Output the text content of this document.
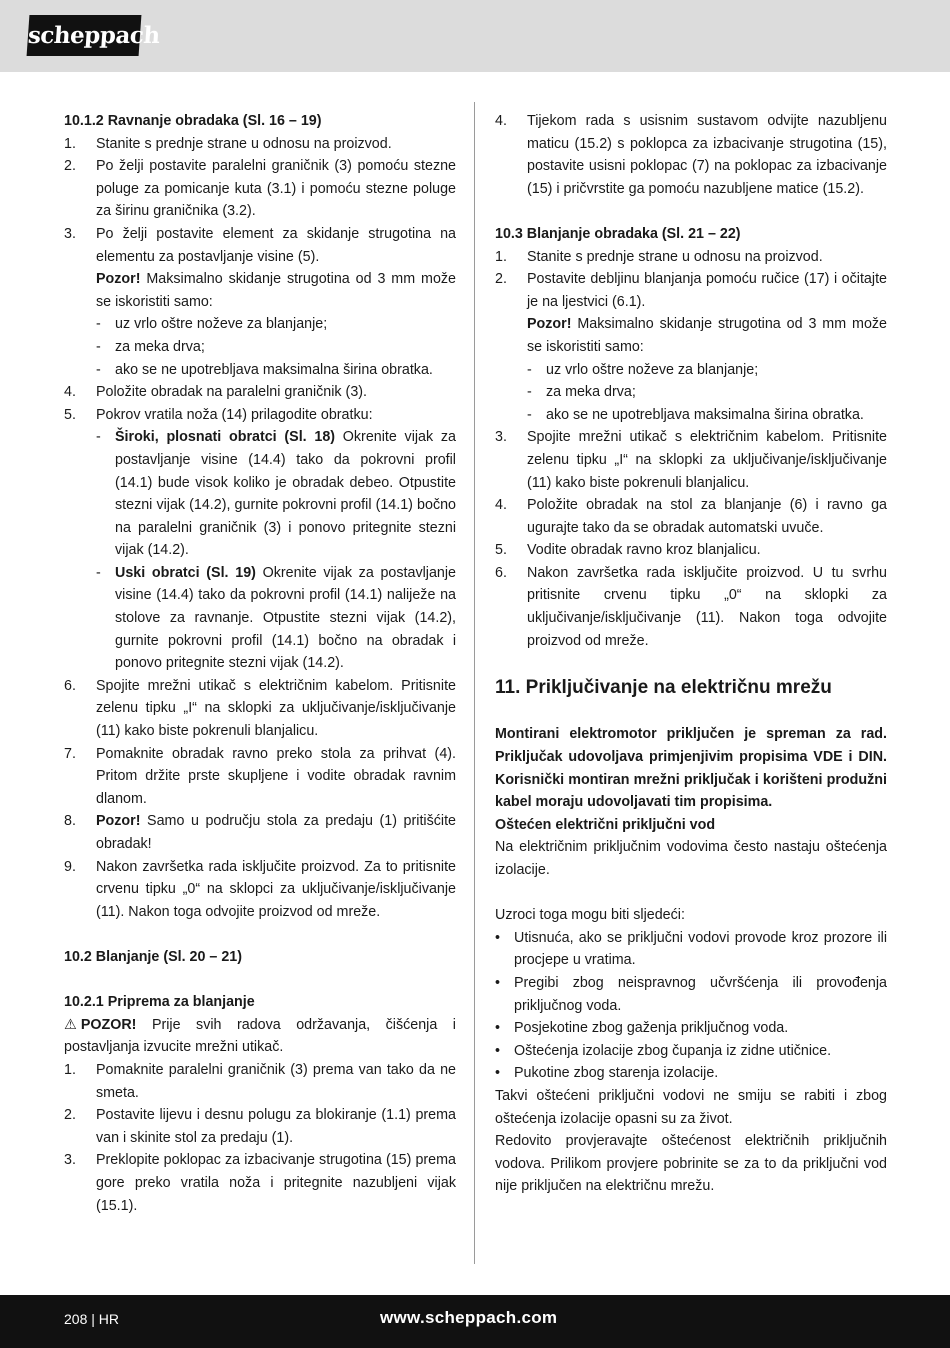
scheppach

10.1.2 Ravnanje obradaka (Sl. 16 – 19)

1. Stanite s prednje strane u odnosu na proizvod.

2. Po želji postavite paralelni graničnik (3) pomoću stezne poluge za pomicanje kuta (3.1) i pomoću stezne poluge za širinu graničnika (3.2).

3. Po želji postavite element za skidanje strugotina na elementu za postavljanje visine (5).

Pozor! Maksimalno skidanje strugotina od 3 mm može se iskoristiti samo:

- uz vrlo oštre noževe za blanjanje;

- za meka drva;

- ako se ne upotrebljava maksimalna širina obratka.

4. Položite obradak na paralelni graničnik (3).

5. Pokrov vratila noža (14) prilagodite obratku:

- Široki, plosnati obratci (Sl. 18) Okrenite vijak za postavljanje visine (14.4) tako da pokrovni profil (14.1) bude visok koliko je obradak debeo. Otpustite stezni vijak (14.2), gurnite pokrovni profil (14.1) bočno na paralelni graničnik (3) i ponovo pritegnite stezni vijak (14.2).

- Uski obratci (Sl. 19) Okrenite vijak za postavljanje visine (14.4) tako da pokrovni profil (14.1) naliježe na stolove za ravnanje. Otpustite stezni vijak (14.2), gurnite pokrovni profil (14.1) bočno na obradak i ponovo pritegnite stezni vijak (14.2).

6. Spojite mrežni utikač s električnim kabelom. Pritisnite zelenu tipku „I“ na sklopki za uključivanje/isključivanje (11) kako biste pokrenuli blanjalicu.

7. Pomaknite obradak ravno preko stola za prihvat (4). Pritom držite prste skupljene i vodite obradak ravnim dlanom.

8. Pozor! Samo u području stola za predaju (1) pritišćite obradak!

9. Nakon završetka rada isključite proizvod. Za to pritisnite crvenu tipku „0“ na sklopci za uključivanje/isključivanje (11). Nakon toga odvojite proizvod od mreže.

10.2 Blanjanje (Sl. 20 – 21)

10.2.1 Priprema za blanjanje

⚠ POZOR! Prije svih radova održavanja, čišćenja i postavljanja izvucite mrežni utikač.

1. Pomaknite paralelni graničnik (3) prema van tako da ne smeta.

2. Postavite lijevu i desnu polugu za blokiranje (1.1) prema van i skinite stol za predaju (1).

3. Preklopite poklopac za izbacivanje strugotina (15) prema gore preko vratila noža i pritegnite nazubljeni vijak (15.1).

4. Tijekom rada s usisnim sustavom odvijte nazubljenu maticu (15.2) s poklopca za izbacivanje strugotina (15), postavite usisni poklopac (7) na poklopac za izbacivanje (15) i pričvrstite ga pomoću nazubljene matice (15.2).

10.3 Blanjanje obradaka (Sl. 21 – 22)

1. Stanite s prednje strane u odnosu na proizvod.

2. Postavite debljinu blanjanja pomoću ručice (17) i očitajte je na ljestvici (6.1).

Pozor! Maksimalno skidanje strugotina od 3 mm može se iskoristiti samo:

- uz vrlo oštre noževe za blanjanje;

- za meka drva;

- ako se ne upotrebljava maksimalna širina obratka.

3. Spojite mrežni utikač s električnim kabelom. Pritisnite zelenu tipku „I“ na sklopki za uključivanje/isključivanje (11) kako biste pokrenuli blanjalicu.

4. Položite obradak na stol za blanjanje (6) i ravno ga ugurajte tako da se obradak automatski uvuče.

5. Vodite obradak ravno kroz blanjalicu.

6. Nakon završetka rada isključite proizvod. U tu svrhu pritisnite crvenu tipku „0“ na sklopki za uključivanje/isključivanje (11). Nakon toga odvojite proizvod od mreže.

11. Priključivanje na električnu mrežu

Montirani elektromotor priključen je spreman za rad. Priključak udovoljava primjenjivim propisima VDE i DIN. Korisnički montiran mrežni priključak i korišteni produžni kabel moraju udovoljavati tim propisima.

Oštećen električni priključni vod

Na električnim priključnim vodovima često nastaju oštećenja izolacije.

Uzroci toga mogu biti sljedeći:

• Utisnuća, ako se priključni vodovi provode kroz prozore ili procjepe u vratima.

• Pregibi zbog neispravnog učvršćenja ili provođenja priključnog voda.

• Posjekotine zbog gaženja priključnog voda.

• Oštećenja izolacije zbog čupanja iz zidne utičnice.

• Pukotine zbog starenja izolacije.

Takvi oštećeni priključni vodovi ne smiju se rabiti i zbog oštećenja izolacije opasni su za život.

Redovito provjeravajte oštećenost električnih priključnih vodova. Prilikom provjere pobrinite se za to da priključni vod nije priključen na električnu mrežu.

208 | HR	www.scheppach.com
